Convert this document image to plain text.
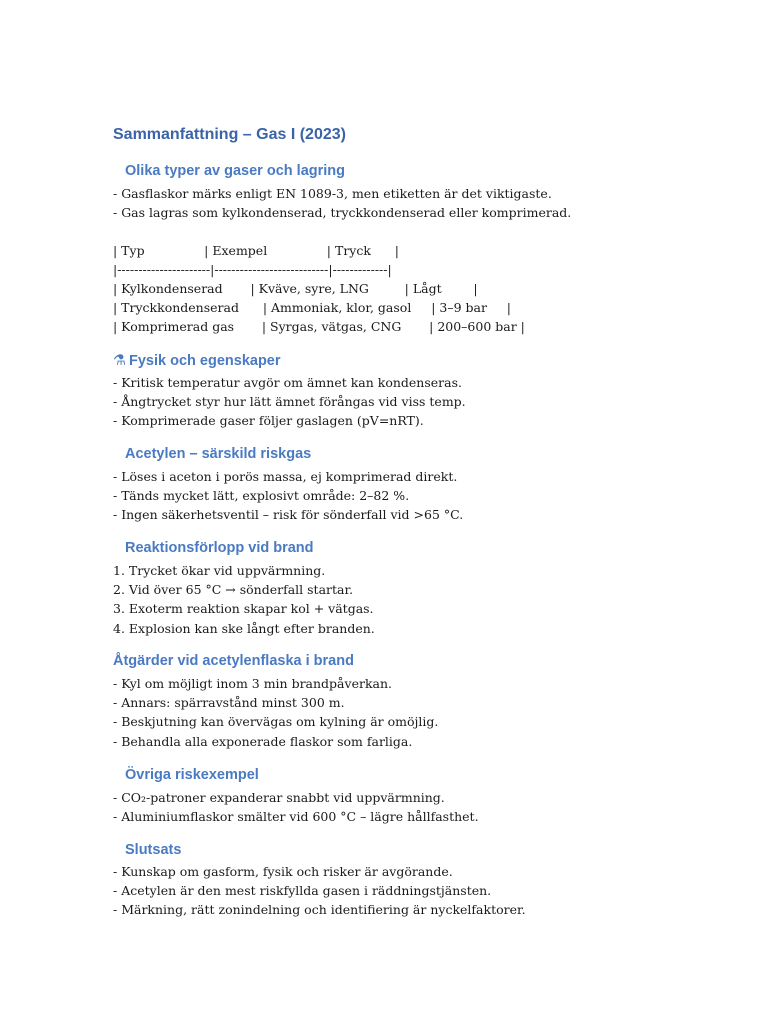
Sammanfattning – Gas I (2023)
Olika typer av gaser och lagring
- Gasflaskor märks enligt EN 1089-3, men etiketten är det viktigaste.
- Gas lagras som kylkondenserad, tryckkondenserad eller komprimerad.
| Typ               | Exempel               | Tryck      |
|----------------------|---------------------------|-------------|
| Kylkondenserad       | Kväve, syre, LNG         | Lågt        |
| Tryckkondenserad      | Ammoniak, klor, gasol     | 3–9 bar     |
| Komprimerad gas       | Syrgas, vätgas, CNG       | 200–600 bar |
⚗ Fysik och egenskaper
- Kritisk temperatur avgör om ämnet kan kondenseras.
- Ångtrycket styr hur lätt ämnet förångas vid viss temp.
- Komprimerade gaser följer gaslagen (pV=nRT).
Acetylen – särskild riskgas
- Löses i aceton i porös massa, ej komprimerad direkt.
- Tänds mycket lätt, explosivt område: 2–82 %.
- Ingen säkerhetsventil – risk för sönderfall vid >65 °C.
Reaktionsförlopp vid brand
1. Trycket ökar vid uppvärmning.
2. Vid över 65 °C → sönderfall startar.
3. Exoterm reaktion skapar kol + vätgas.
4. Explosion kan ske långt efter branden.
Åtgärder vid acetylenflaska i brand
- Kyl om möjligt inom 3 min brandpåverkan.
- Annars: spärravstånd minst 300 m.
- Beskjutning kan övervägas om kylning är omöjlig.
- Behandla alla exponerade flaskor som farliga.
Övriga riskexempel
- CO₂-patroner expanderar snabbt vid uppvärmning.
- Aluminiumflaskor smälter vid 600 °C – lägre hållfasthet.
Slutsats
- Kunskap om gasform, fysik och risker är avgörande.
- Acetylen är den mest riskfyllda gasen i räddningstjänsten.
- Märkning, rätt zonindelning och identifiering är nyckelfaktorer.
